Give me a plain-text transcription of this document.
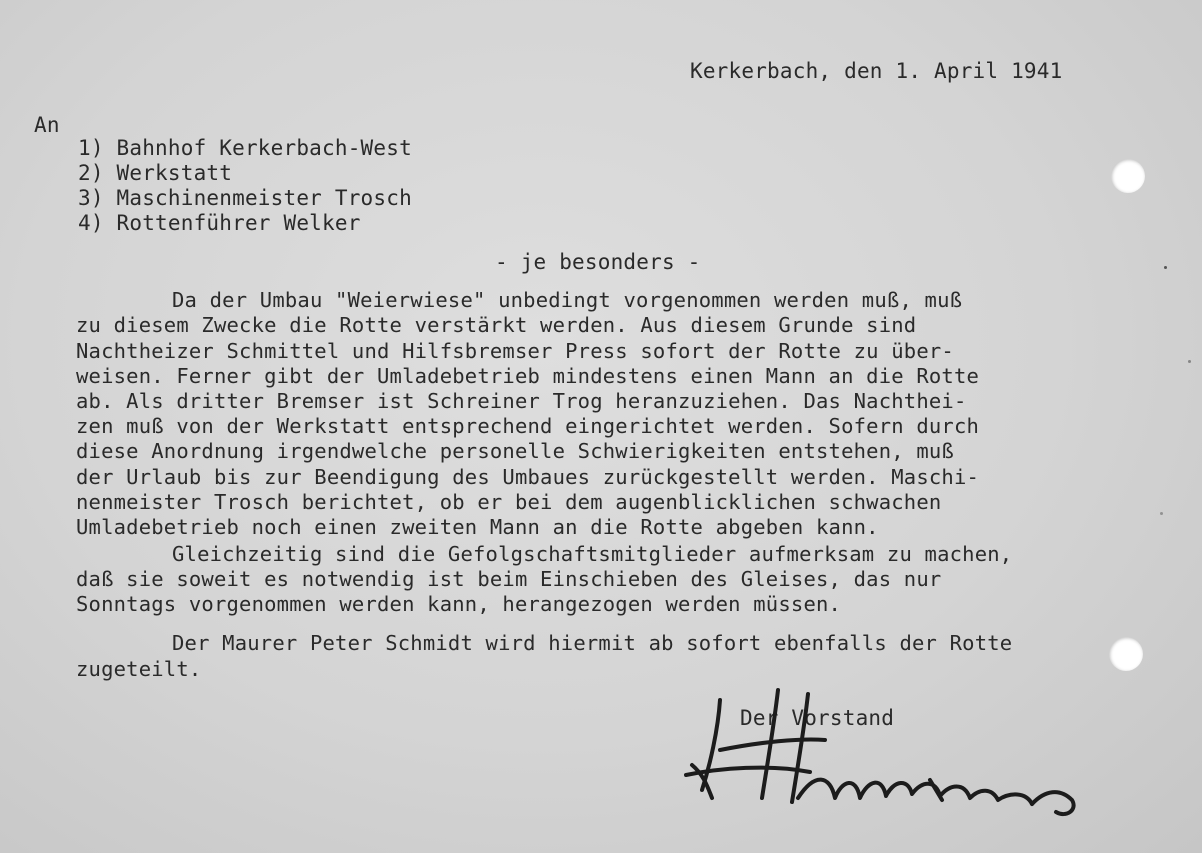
Kerkerbach, den 1. April 1941
An
1) Bahnhof Kerkerbach-West
2) Werkstatt
3) Maschinenmeister Trosch
4) Rottenführer Welker
- je besonders -
Da der Umbau "Weierwiese" unbedingt vorgenommen werden muß, muß
zu diesem Zwecke die Rotte verstärkt werden. Aus diesem Grunde sind
Nachtheizer Schmittel und Hilfsbremser Press sofort der Rotte zu über-
weisen. Ferner gibt der Umladebetrieb mindestens einen Mann an die Rotte
ab. Als dritter Bremser ist Schreiner Trog heranzuziehen. Das Nachthei-
zen muß von der Werkstatt entsprechend eingerichtet werden. Sofern durch
diese Anordnung irgendwelche personelle Schwierigkeiten entstehen, muß
der Urlaub bis zur Beendigung des Umbaues zurückgestellt werden. Maschi-
nenmeister Trosch berichtet, ob er bei dem augenblicklichen schwachen
Umladebetrieb noch einen zweiten Mann an die Rotte abgeben kann.
Gleichzeitig sind die Gefolgschaftsmitglieder aufmerksam zu machen,
daß sie soweit es notwendig ist beim Einschieben des Gleises, das nur
Sonntags vorgenommen werden kann, herangezogen werden müssen.
Der Maurer Peter Schmidt wird hiermit ab sofort ebenfalls der Rotte
zugeteilt.
Der Vorstand
